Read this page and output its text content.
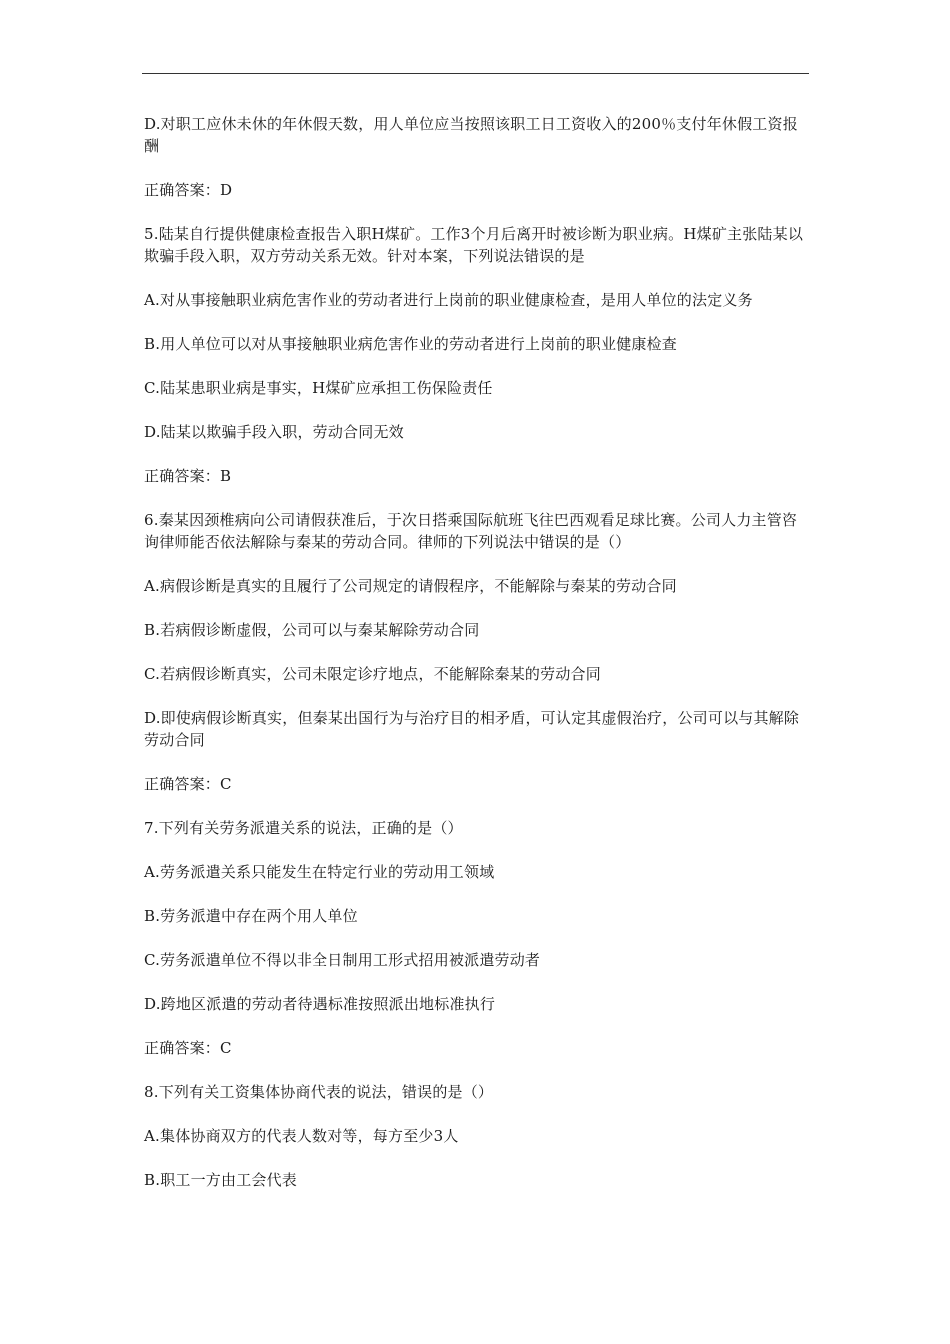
D.对职工应休未休的年休假天数，用人单位应当按照该职工日工资收入的200％支付年休假工资报酬

正确答案：D

5.陆某自行提供健康检查报告入职H煤矿。工作3个月后离开时被诊断为职业病。H煤矿主张陆某以欺骗手段入职，双方劳动关系无效。针对本案，下列说法错误的是

A.对从事接触职业病危害作业的劳动者进行上岗前的职业健康检查，是用人单位的法定义务

B.用人单位可以对从事接触职业病危害作业的劳动者进行上岗前的职业健康检查

C.陆某患职业病是事实，H煤矿应承担工伤保险责任

D.陆某以欺骗手段入职，劳动合同无效

正确答案：B

6.秦某因颈椎病向公司请假获准后，于次日搭乘国际航班飞往巴西观看足球比赛。公司人力主管咨询律师能否依法解除与秦某的劳动合同。律师的下列说法中错误的是（）

A.病假诊断是真实的且履行了公司规定的请假程序，不能解除与秦某的劳动合同

B.若病假诊断虚假，公司可以与秦某解除劳动合同

C.若病假诊断真实，公司未限定诊疗地点，不能解除秦某的劳动合同

D.即使病假诊断真实，但秦某出国行为与治疗目的相矛盾，可认定其虚假治疗，公司可以与其解除劳动合同

正确答案：C

7.下列有关劳务派遣关系的说法，正确的是（）

A.劳务派遣关系只能发生在特定行业的劳动用工领域

B.劳务派遣中存在两个用人单位

C.劳务派遣单位不得以非全日制用工形式招用被派遣劳动者

D.跨地区派遣的劳动者待遇标准按照派出地标准执行

正确答案：C

8.下列有关工资集体协商代表的说法，错误的是（）

A.集体协商双方的代表人数对等，每方至少3人

B.职工一方由工会代表
